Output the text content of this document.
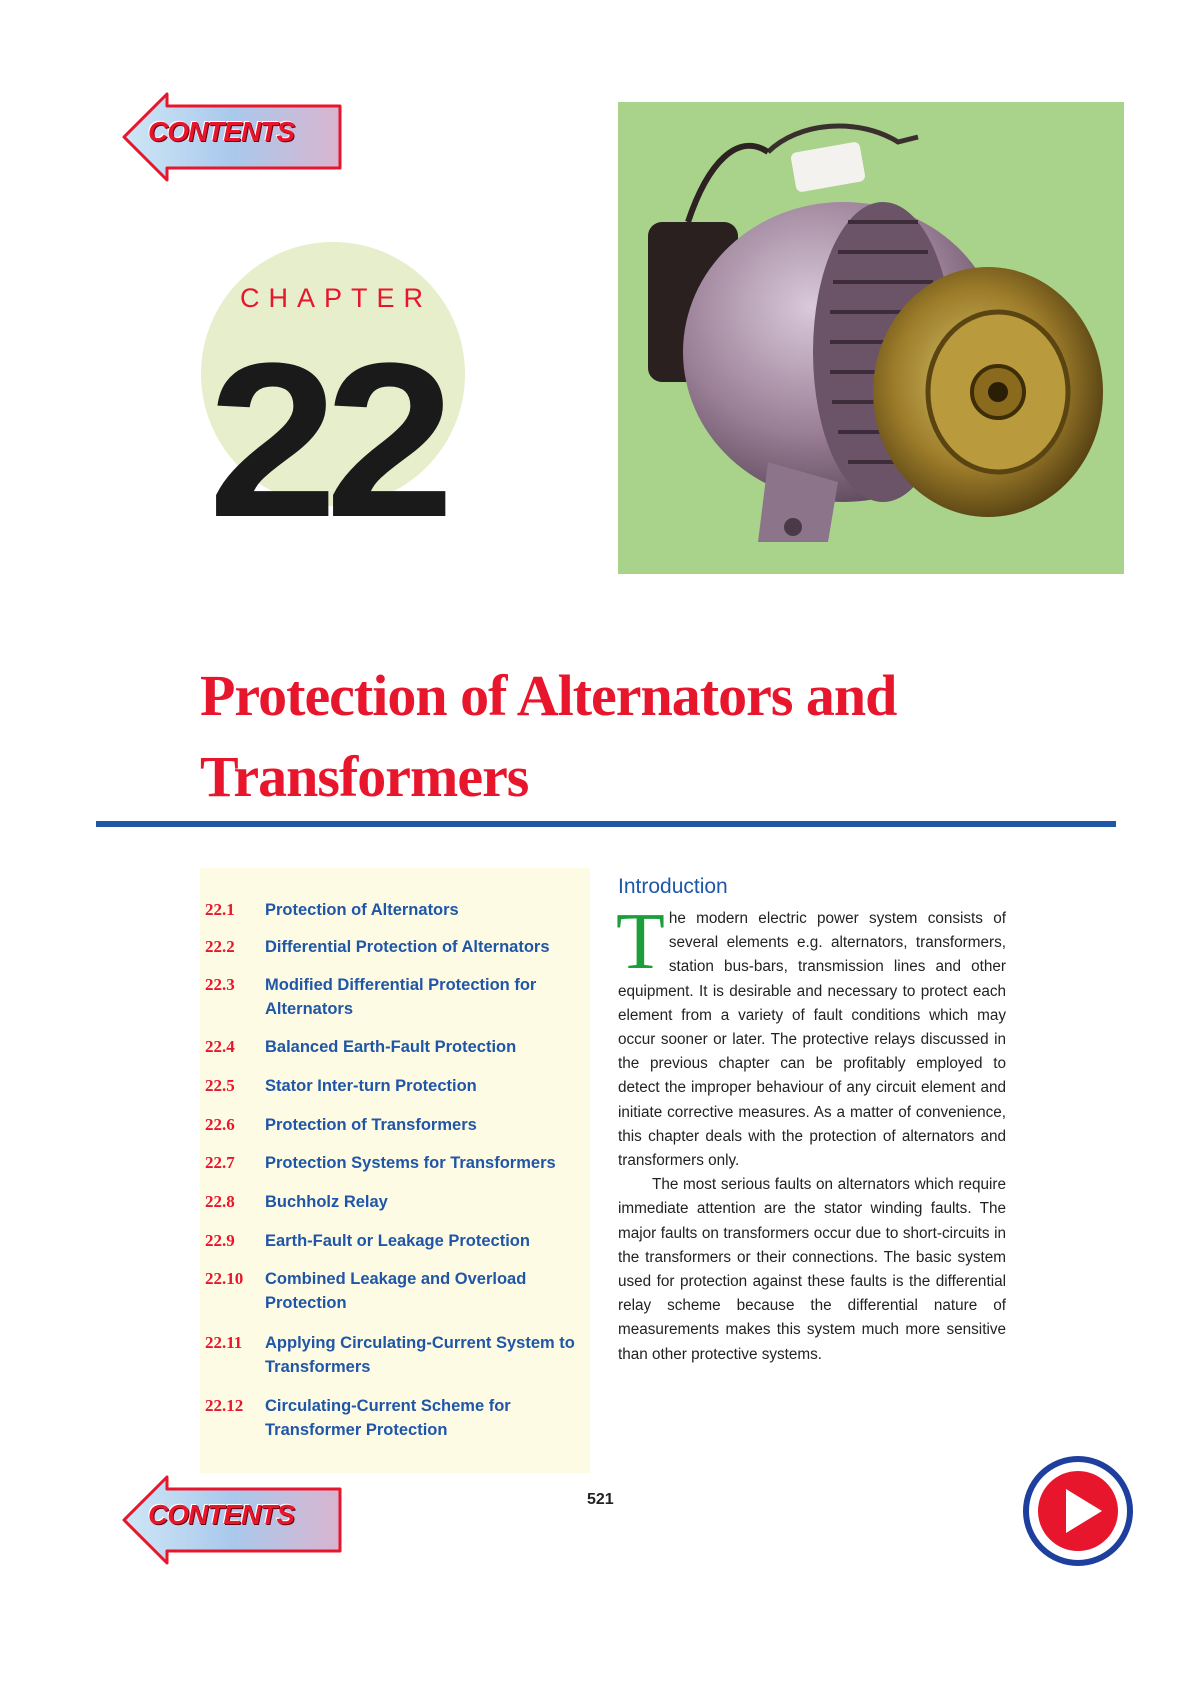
CONTENTS
CHAPTER
22
Protection of Alternators and
Transformers
22.1	Protection of Alternators
22.2	Differential Protection of Alternators
22.3	Modified Differential Protection for Alternators
22.4	Balanced Earth-Fault Protection
22.5	Stator Inter-turn Protection
22.6	Protection of Transformers
22.7	Protection Systems for Transformers
22.8	Buchholz Relay
22.9	Earth-Fault or Leakage Protection
22.10	Combined Leakage and Overload Protection
22.11	Applying Circulating-Current System to Transformers
22.12	Circulating-Current Scheme for Transformer Protection
Introduction

The modern electric power system consists of several elements e.g. alternators, transformers, station bus-bars, transmission lines and other equipment. It is desirable and necessary to protect each element from a variety of fault conditions which may occur sooner or later. The protective relays discussed in the previous chapter can be profitably employed to detect the improper behaviour of any circuit element and initiate corrective measures. As a matter of convenience, this chapter deals with the protection of alternators and transformers only.

The most serious faults on alternators which require immediate attention are the stator winding faults. The major faults on transformers occur due to short-circuits in the transformers or their connections. The basic system used for protection against these faults is the differential relay scheme because the differential nature of measurements makes this system much more sensitive than other protective systems.

521
CONTENTS
